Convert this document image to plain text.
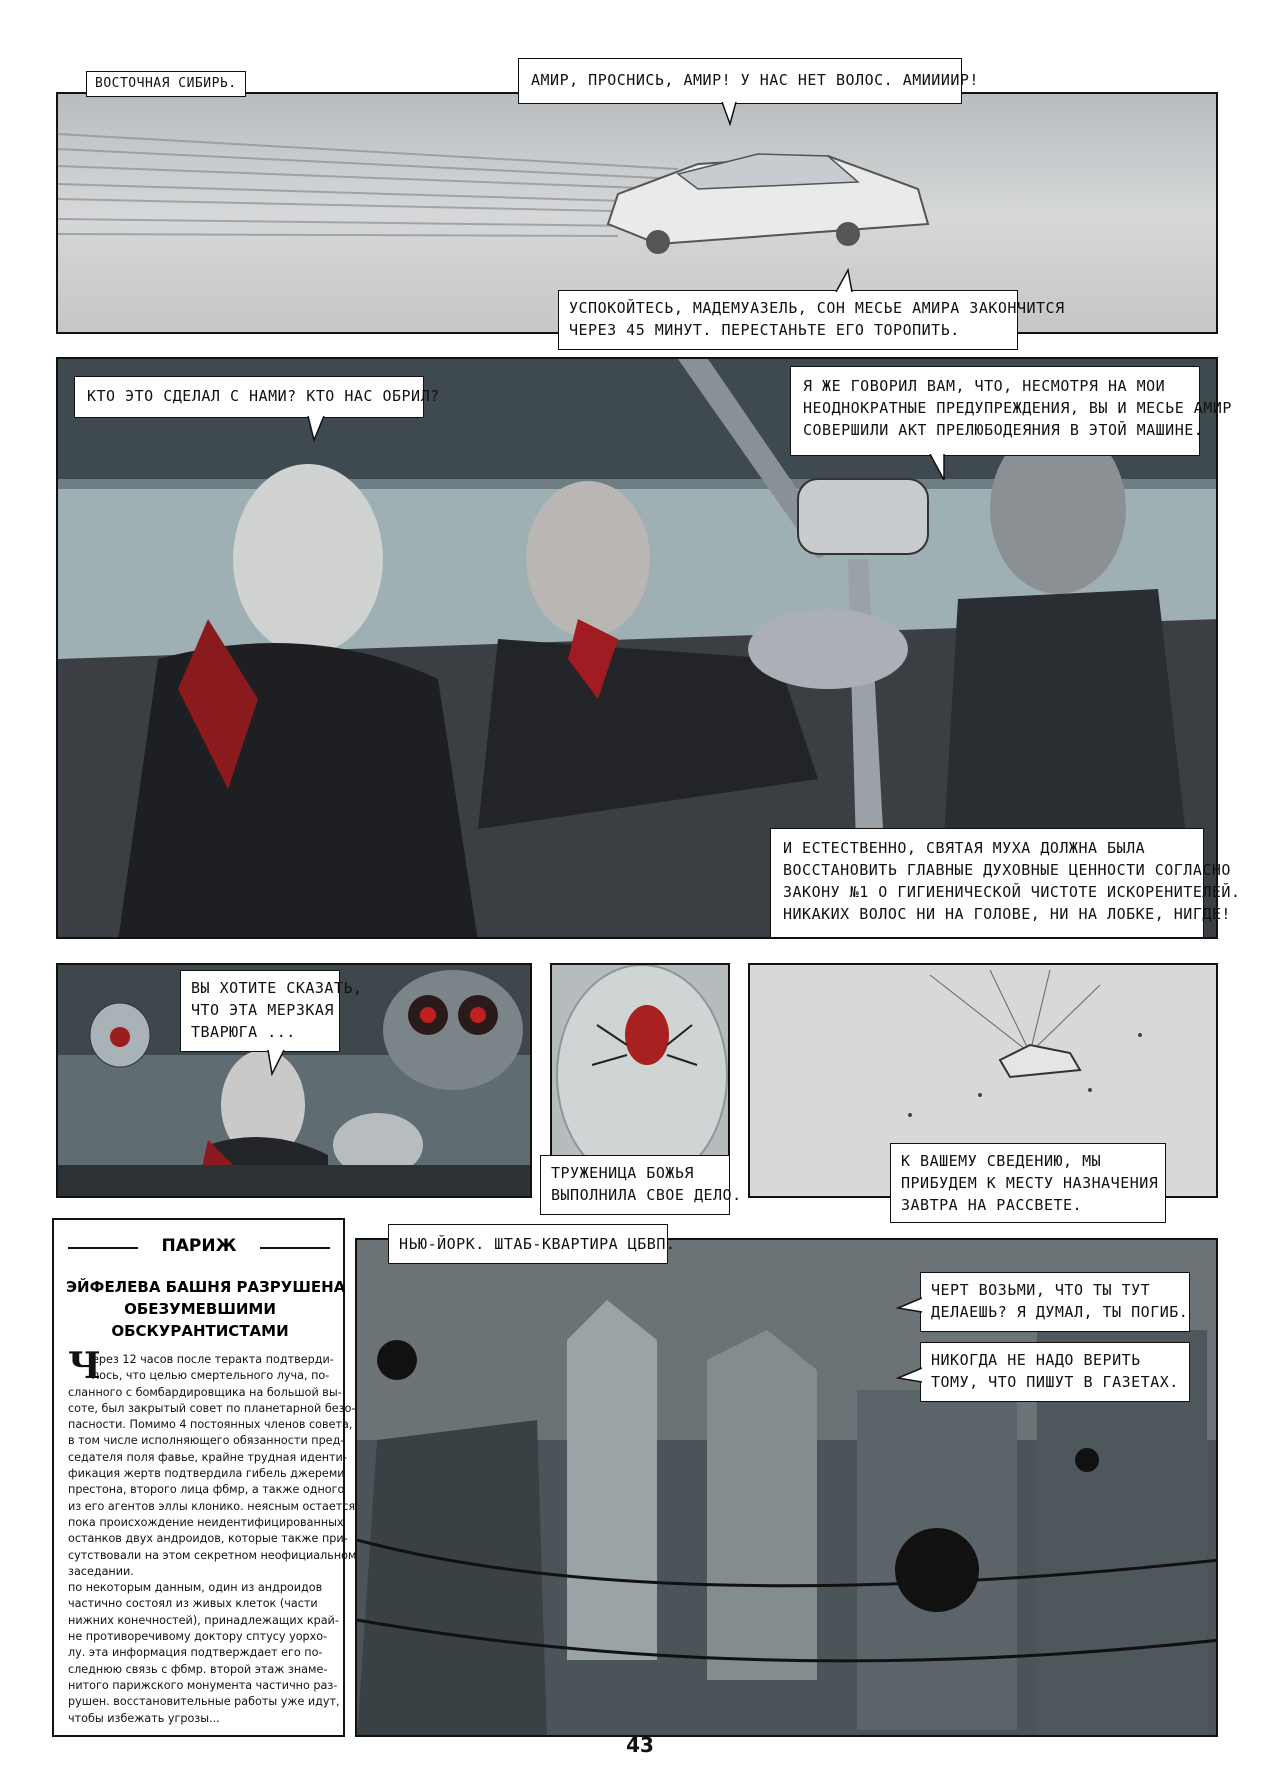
ВОСТОЧНАЯ СИБИРЬ.	АМИР, ПРОСНИСЬ, АМИР! У НАС НЕТ ВОЛОС. АМИИИИР!
УСПОКОЙТЕСЬ, МАДЕМУАЗЕЛЬ, СОН МЕСЬЕ АМИРА ЗАКОНЧИТСЯ
ЧЕРЕЗ 45 МИНУТ. ПЕРЕСТАНЬТЕ ЕГО ТОРОПИТЬ.
КТО ЭТО СДЕЛАЛ С НАМИ? КТО НАС ОБРИЛ?
Я ЖЕ ГОВОРИЛ ВАМ, ЧТО, НЕСМОТРЯ НА МОИ
НЕОДНОКРАТНЫЕ ПРЕДУПРЕЖДЕНИЯ, ВЫ И МЕСЬЕ АМИР
СОВЕРШИЛИ АКТ ПРЕЛЮБОДЕЯНИЯ В ЭТОЙ МАШИНЕ.
И ЕСТЕСТВЕННО, СВЯТАЯ МУХА ДОЛЖНА БЫЛА
ВОССТАНОВИТЬ ГЛАВНЫЕ ДУХОВНЫЕ ЦЕННОСТИ СОГЛАСНО
ЗАКОНУ №1 О ГИГИЕНИЧЕСКОЙ ЧИСТОТЕ ИСКОРЕНИТЕЛЕЙ.
НИКАКИХ ВОЛОС НИ НА ГОЛОВЕ, НИ НА ЛОБКЕ, НИГДЕ!
ВЫ ХОТИТЕ СКАЗАТЬ,
ЧТО ЭТА МЕРЗКАЯ
ТВАРЮГА ...
ТРУЖЕНИЦА БОЖЬЯ
ВЫПОЛНИЛА СВОЕ ДЕЛО.
К ВАШЕМУ СВЕДЕНИЮ, МЫ
ПРИБУДЕМ К МЕСТУ НАЗНАЧЕНИЯ
ЗАВТРА НА РАССВЕТЕ.
ПАРИЖ
ЭЙФЕЛЕВА БАШНЯ РАЗРУШЕНА
ОБЕЗУМЕВШИМИ
ОБСКУРАНТИСТАМИ
Ч
ерез 12 часов после теракта подтверди-
лось, что целью смертельного луча, по-
сланного с бомбардировщика на большой вы-
соте, был закрытый совет по планетарной безо-
пасности. Помимо 4 постоянных членов совета,
в том числе исполняющего обязанности пред-
седателя поля фавье, крайне трудная иденти-
фикация жертв подтвердила гибель джереми
престона, второго лица фбмр, а также одного
из его агентов эллы клонико. неясным остается
пока происхождение неидентифицированных
останков двух андроидов, которые также при-
сутствовали на этом секретном неофициальном
заседании.
по некоторым данным, один из андроидов
частично состоял из живых клеток (части
нижних конечностей), принадлежащих край-
не противоречивому доктору сптусу уорхо-
лу. эта информация подтверждает его по-
следнюю связь с фбмр. второй этаж знаме-
нитого парижского монумента частично раз-
рушен. восстановительные работы уже идут,
чтобы избежать угрозы...
НЬЮ-ЙОРК. ШТАБ-КВАРТИРА ЦБВП.
ЧЕРТ ВОЗЬМИ, ЧТО ТЫ ТУТ
ДЕЛАЕШЬ? Я ДУМАЛ, ТЫ ПОГИБ.
НИКОГДА НЕ НАДО ВЕРИТЬ
ТОМУ, ЧТО ПИШУТ В ГАЗЕТАХ.
43
